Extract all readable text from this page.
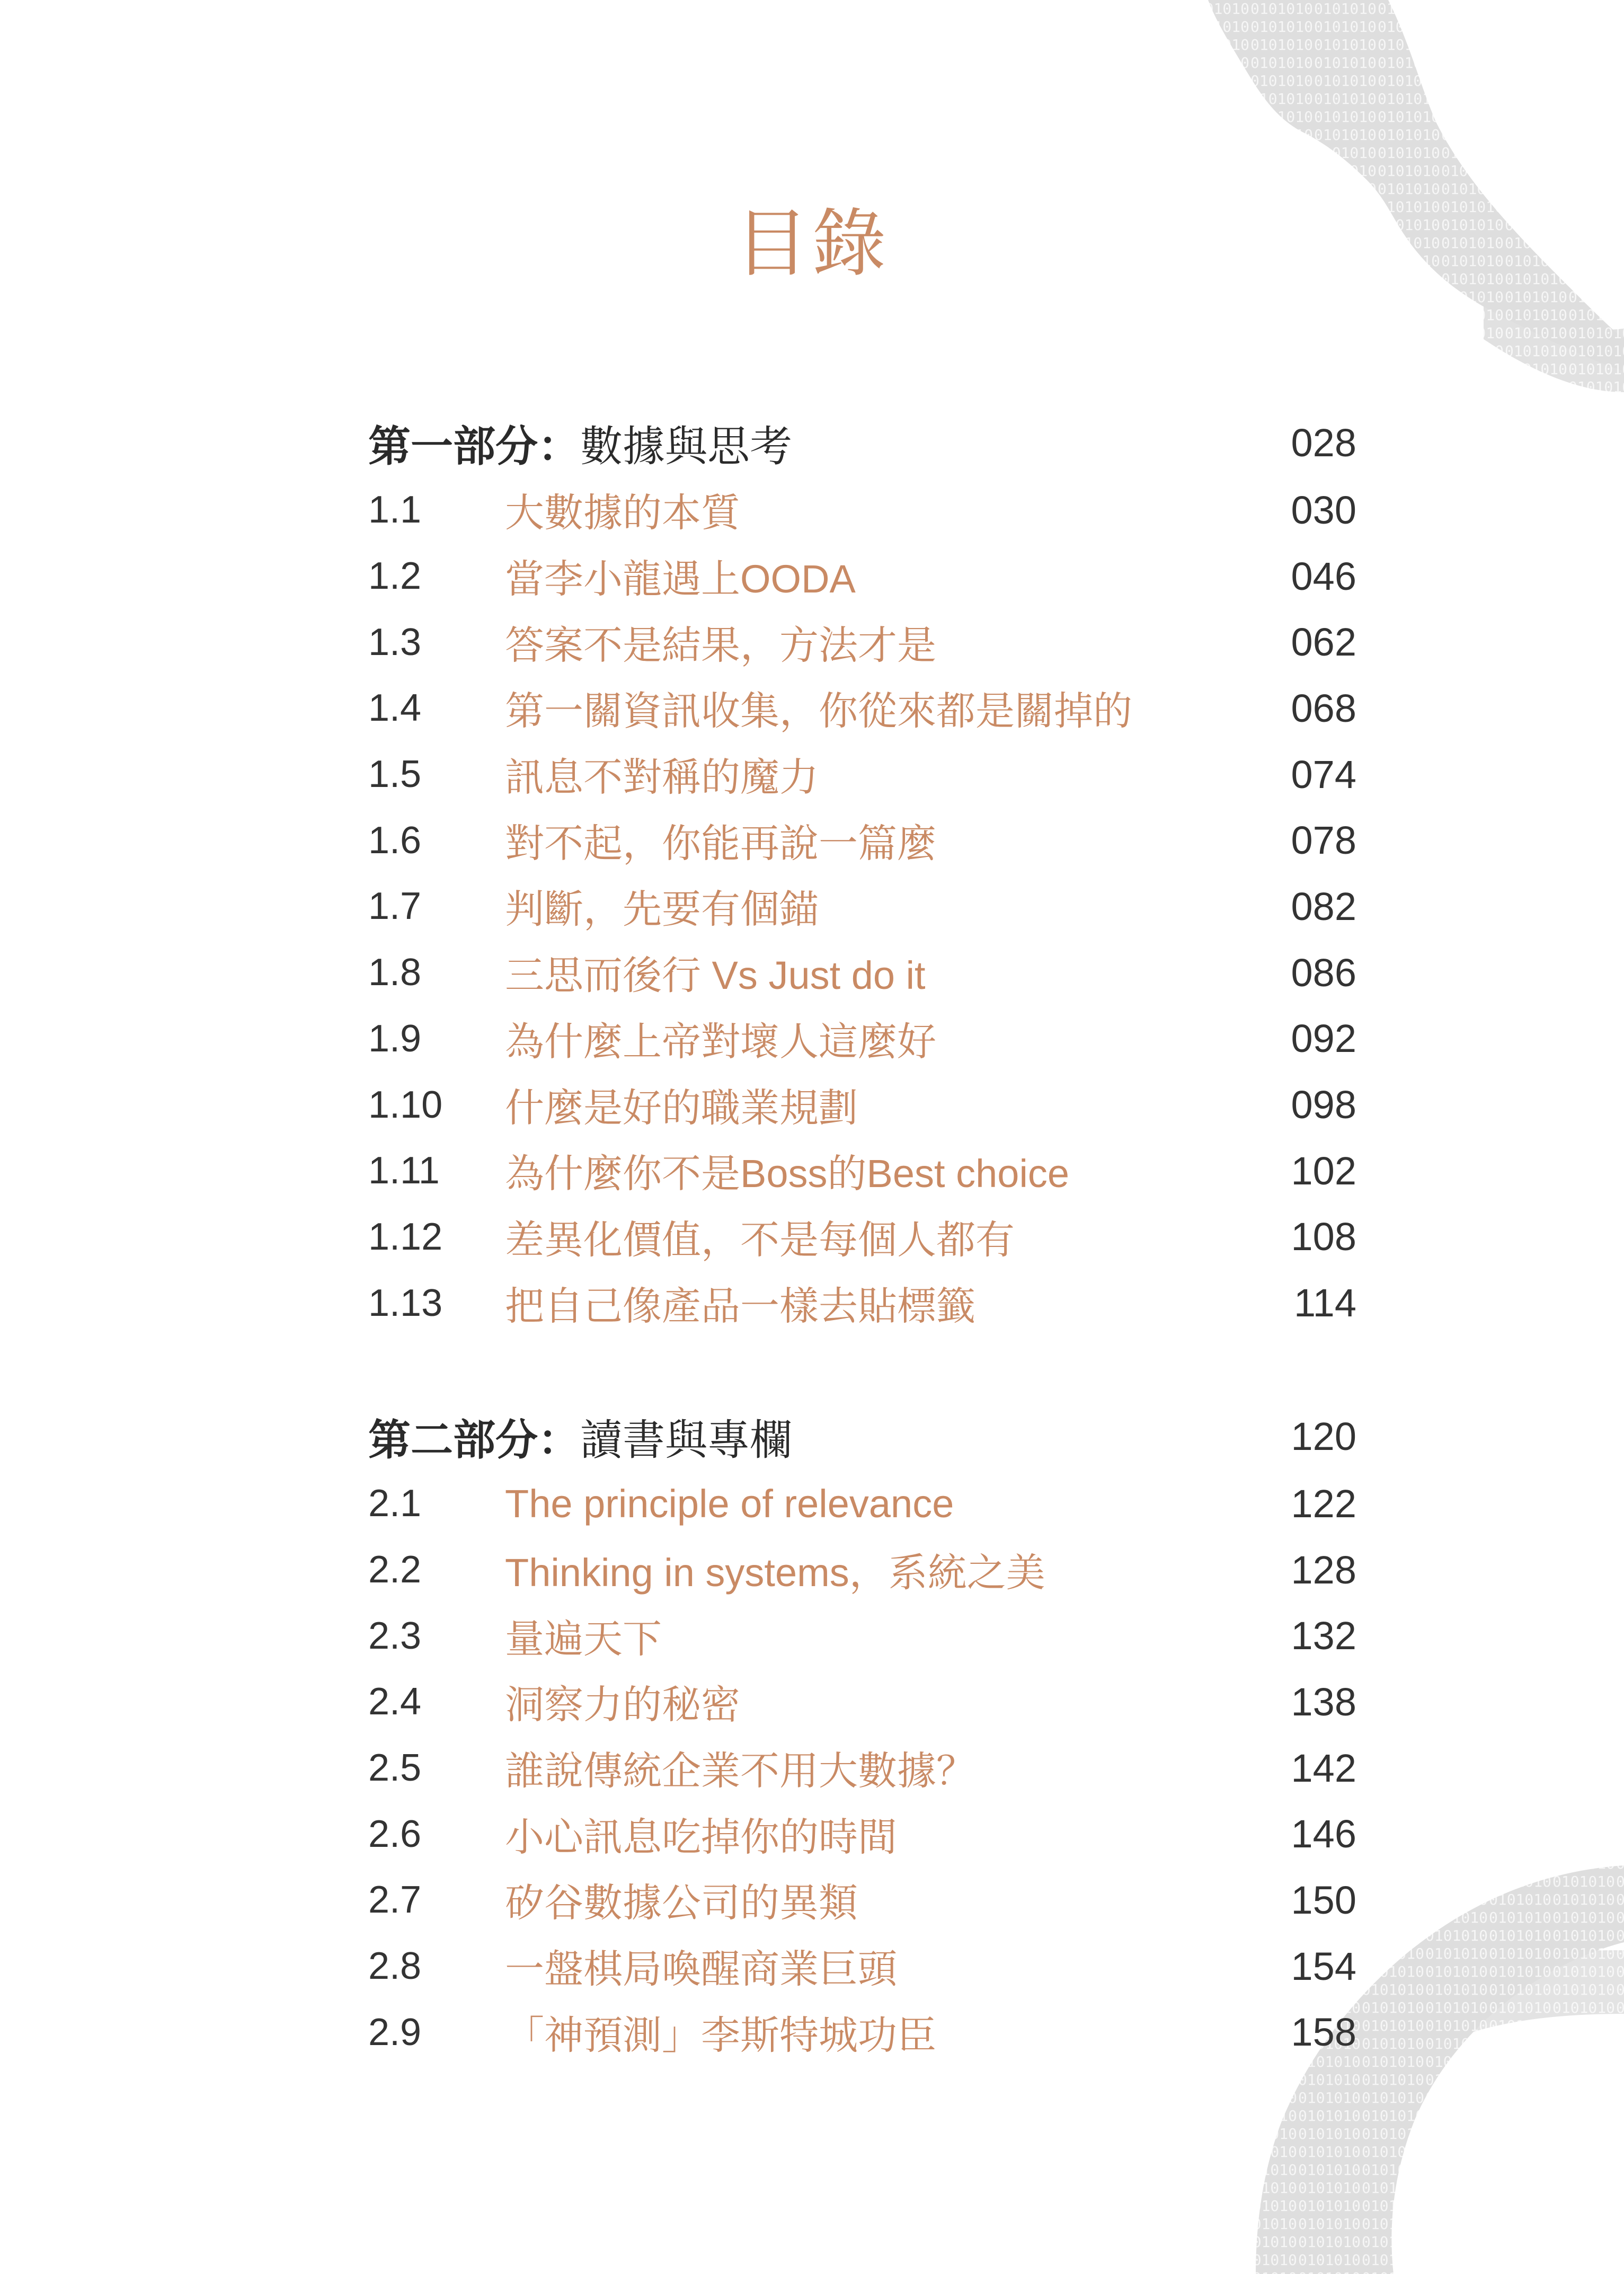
目錄
第一部分： 數據與思考	028
1.1	大數據的本質	030
1.2	當李小龍遇上OODA	046
1.3	答案不是結果，方法才是	062
1.4	第一關資訊收集，你從來都是關掉的	068
1.5	訊息不對稱的魔力	074
1.6	對不起，你能再說一篇麼	078
1.7	判斷，先要有個錨	082
1.8	三思而後行 Vs Just do it	086
1.9	為什麼上帝對壞人這麼好	092
1.10	什麼是好的職業規劃	098
1.11	為什麼你不是Boss的Best choice	102
1.12	差異化價值，不是每個人都有	108
1.13	把自己像產品一樣去貼標籤	114
第二部分： 讀書與專欄	120
2.1	The principle of relevance	122
2.2	Thinking in systems，系統之美	128
2.3	量遍天下	132
2.4	洞察力的秘密	138
2.5	誰說傳統企業不用大數據？	142
2.6	小心訊息吃掉你的時間	146
2.7	矽谷數據公司的異類	150
2.8	一盤棋局喚醒商業巨頭	154
2.9	「神預測」李斯特城功臣	158
